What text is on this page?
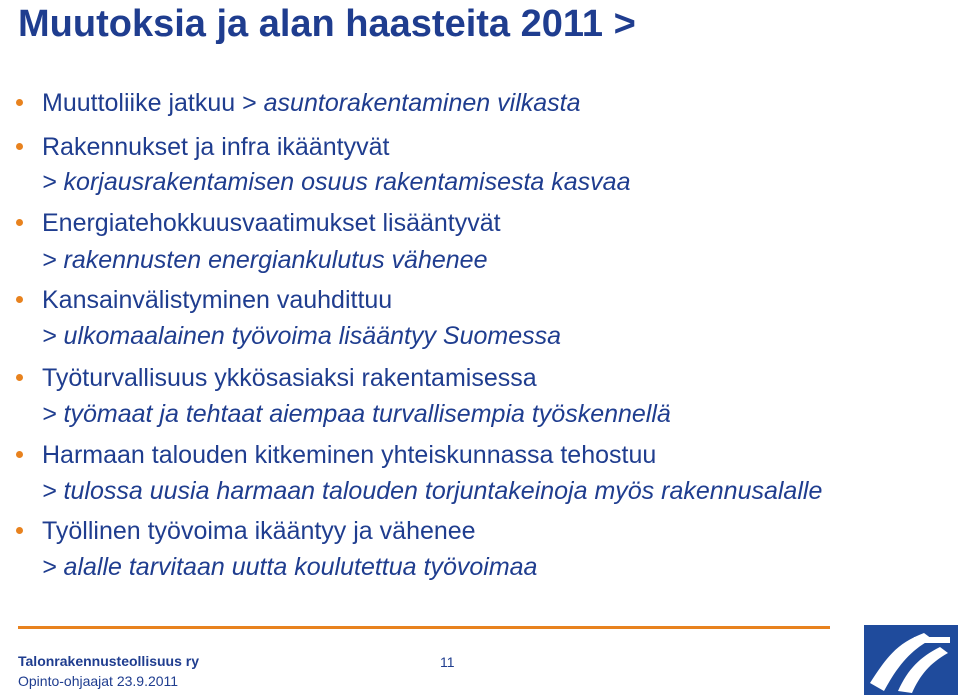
Muutoksia ja alan haasteita 2011 >
Muuttoliike jatkuu > asuntorakentaminen vilkasta
Rakennukset ja infra ikääntyvät
> korjausrakentamisen osuus rakentamisesta kasvaa
Energiatehokkuusvaatimukset lisääntyvät
> rakennusten energiankulutus vähenee
Kansainvälistyminen vauhdittuu
> ulkomaalainen työvoima lisääntyy Suomessa
Työturvallisuus ykkösasiaksi rakentamisessa
> työmaat ja tehtaat aiempaa turvallisempia työskennellä
Harmaan talouden kitkeminen yhteiskunnassa tehostuu
> tulossa uusia harmaan talouden torjuntakeinoja myös rakennusalalle
Työllinen työvoima ikääntyy ja vähenee
> alalle tarvitaan uutta koulutettua työvoimaa
Talonrakennusteollisuus ry
Opinto-ohjaajat 23.9.2011
11
